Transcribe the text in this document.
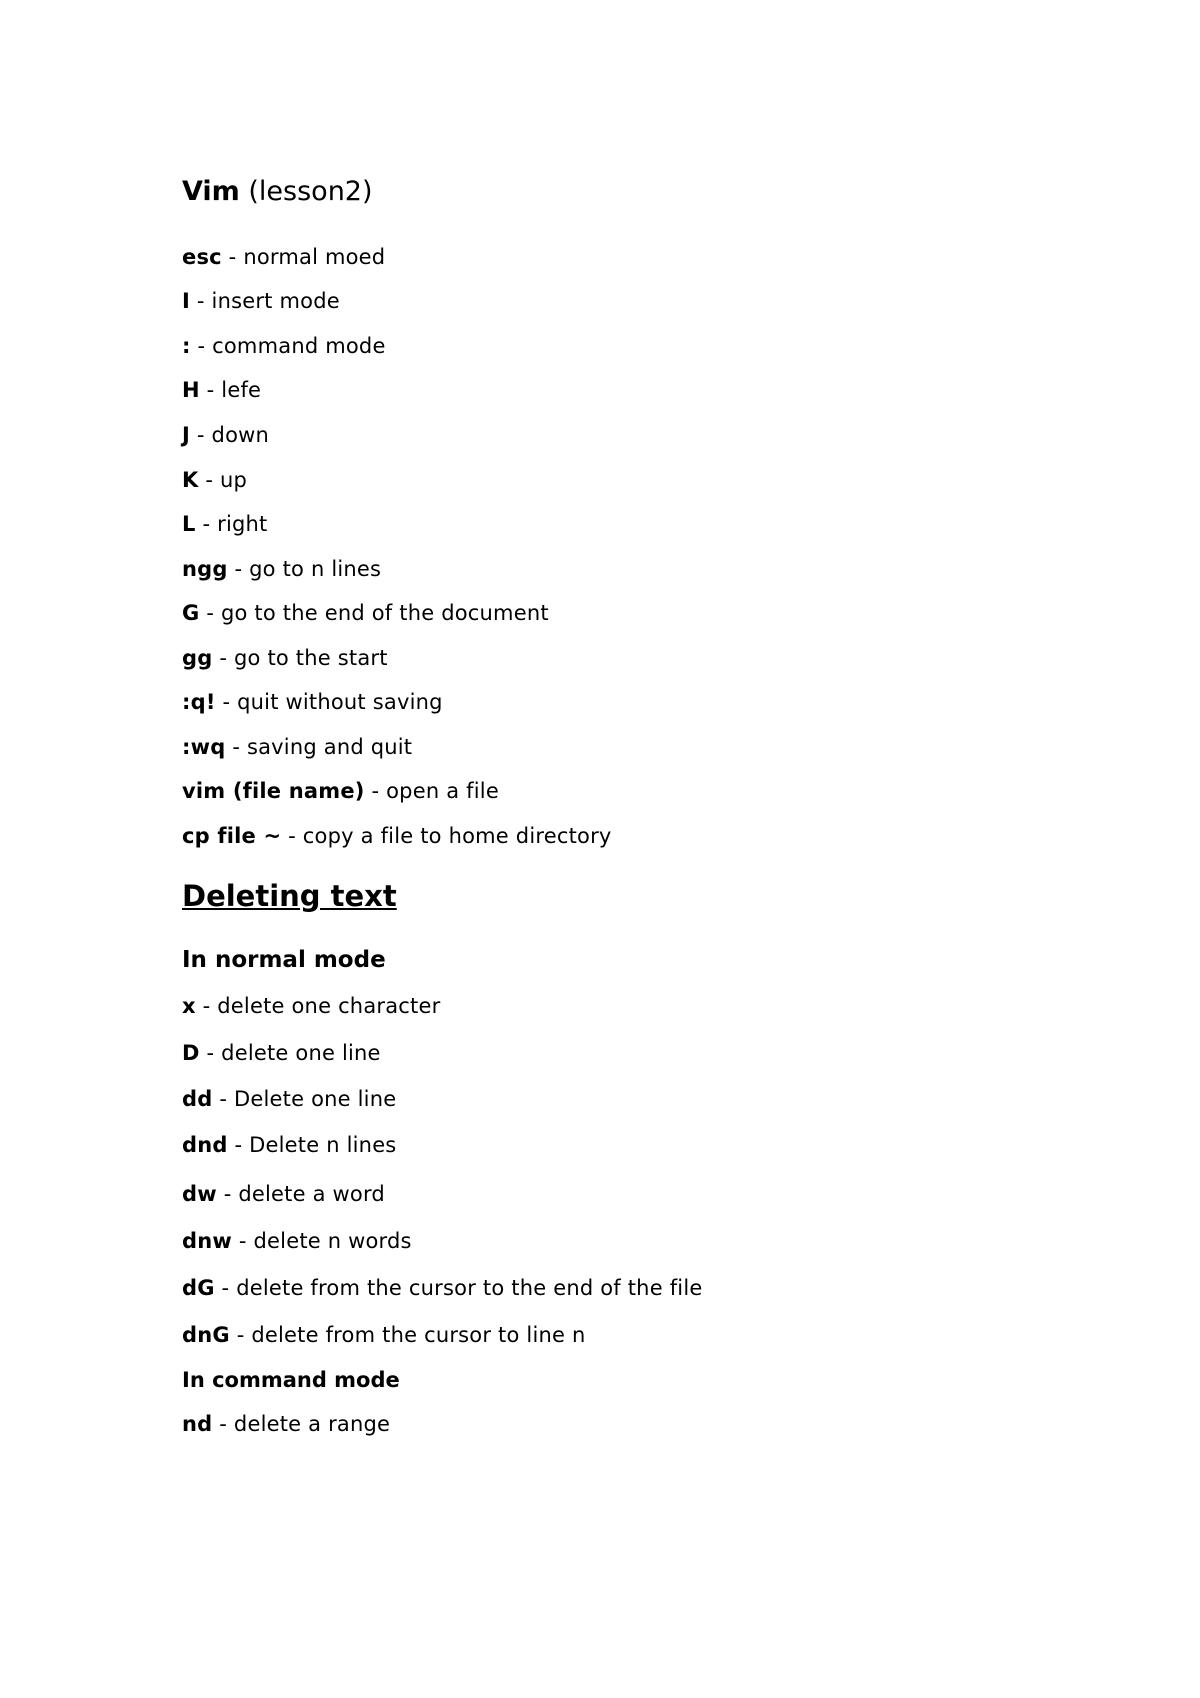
Vim (lesson2)
esc - normal moed
I - insert mode
: - command mode
H - lefe
J - down
K - up
L - right
ngg - go to n lines
G - go to the end of the document
gg - go to the start
:q! - quit without saving
:wq - saving and quit
vim (file name) - open a file
cp file ~ - copy a file to home directory
Deleting text
In normal mode
x - delete one character
D - delete one line
dd - Delete one line
dnd - Delete n lines
dw - delete a word
dnw - delete n words
dG - delete from the cursor to the end of the file
dnG - delete from the cursor to line n
In command mode
nd - delete a range
